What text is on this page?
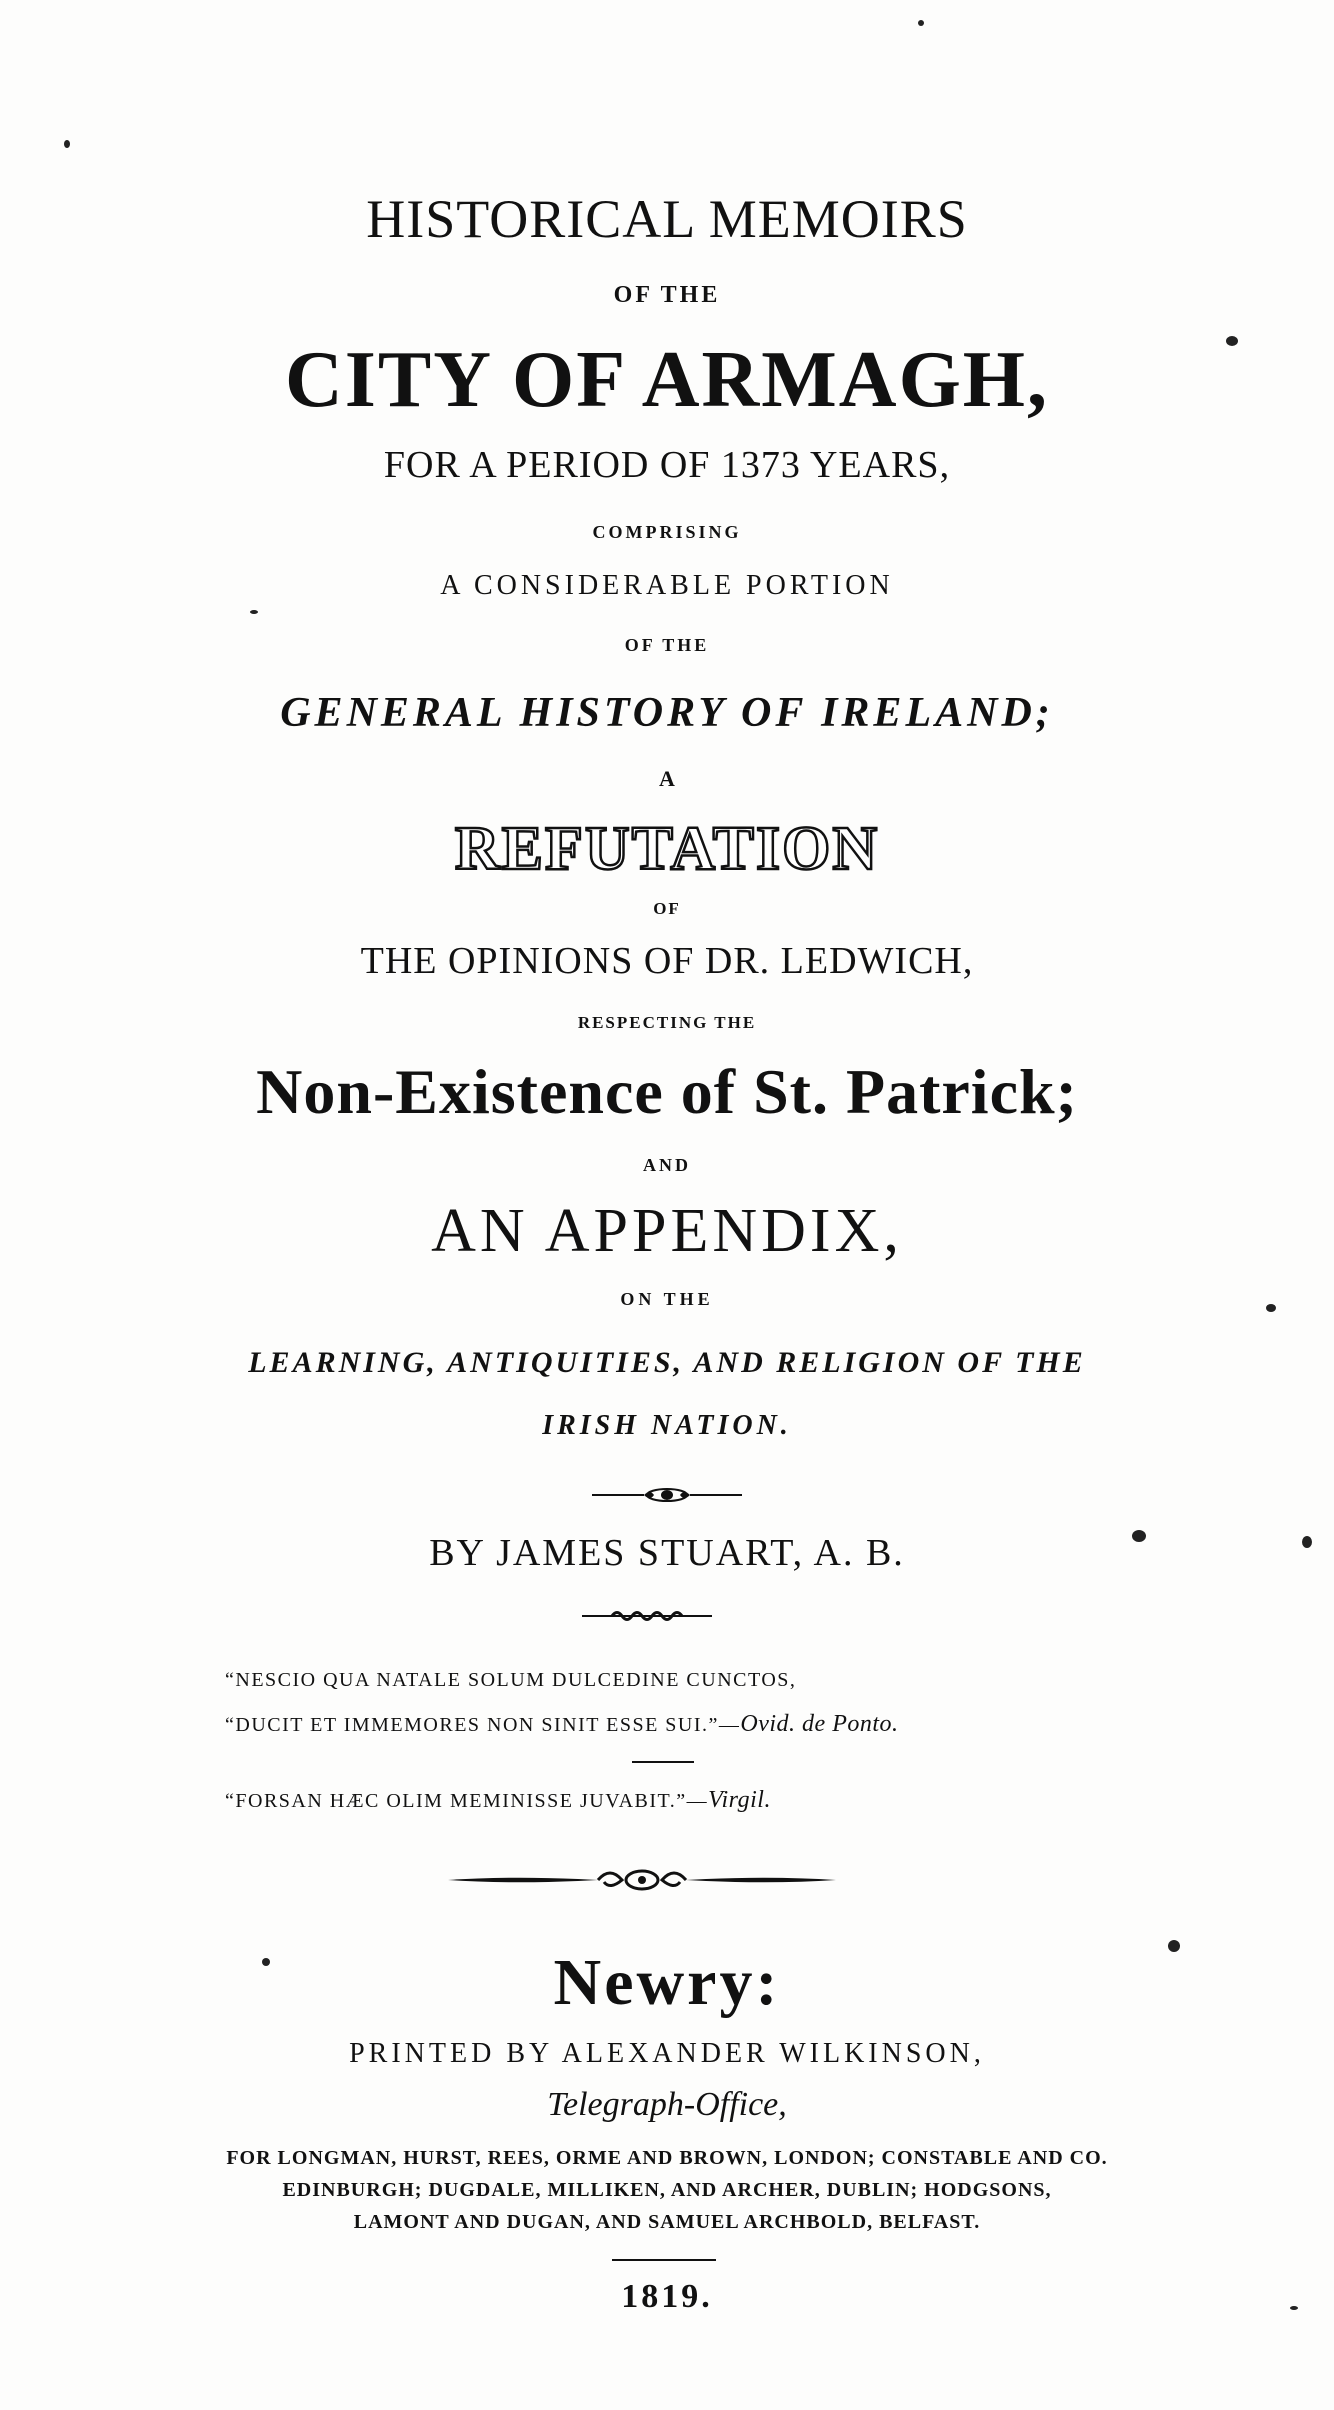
HISTORICAL MEMOIRS
OF THE
CITY OF ARMAGH,
FOR A PERIOD OF 1373 YEARS,
COMPRISING
A CONSIDERABLE PORTION
OF THE
GENERAL HISTORY OF IRELAND;
A
REFUTATION
OF
THE OPINIONS OF DR. LEDWICH,
RESPECTING THE
Non-Existence of St. Patrick;
AND
AN APPENDIX,
ON THE
LEARNING, ANTIQUITIES, AND RELIGION OF THE
IRISH NATION.
BY JAMES STUART, A. B.
“NESCIO QUA NATALE SOLUM DULCEDINE CUNCTOS,
“DUCIT ET IMMEMORES NON SINIT ESSE SUI.”—Ovid. de Ponto.
“FORSAN HÆC OLIM MEMINISSE JUVABIT.”—Virgil.
Newry:
PRINTED BY ALEXANDER WILKINSON,
Telegraph-Office,
FOR LONGMAN, HURST, REES, ORME AND BROWN, LONDON; CONSTABLE AND CO.
EDINBURGH; DUGDALE, MILLIKEN, AND ARCHER, DUBLIN; HODGSONS,
LAMONT AND DUGAN, AND SAMUEL ARCHBOLD, BELFAST.
1819.
